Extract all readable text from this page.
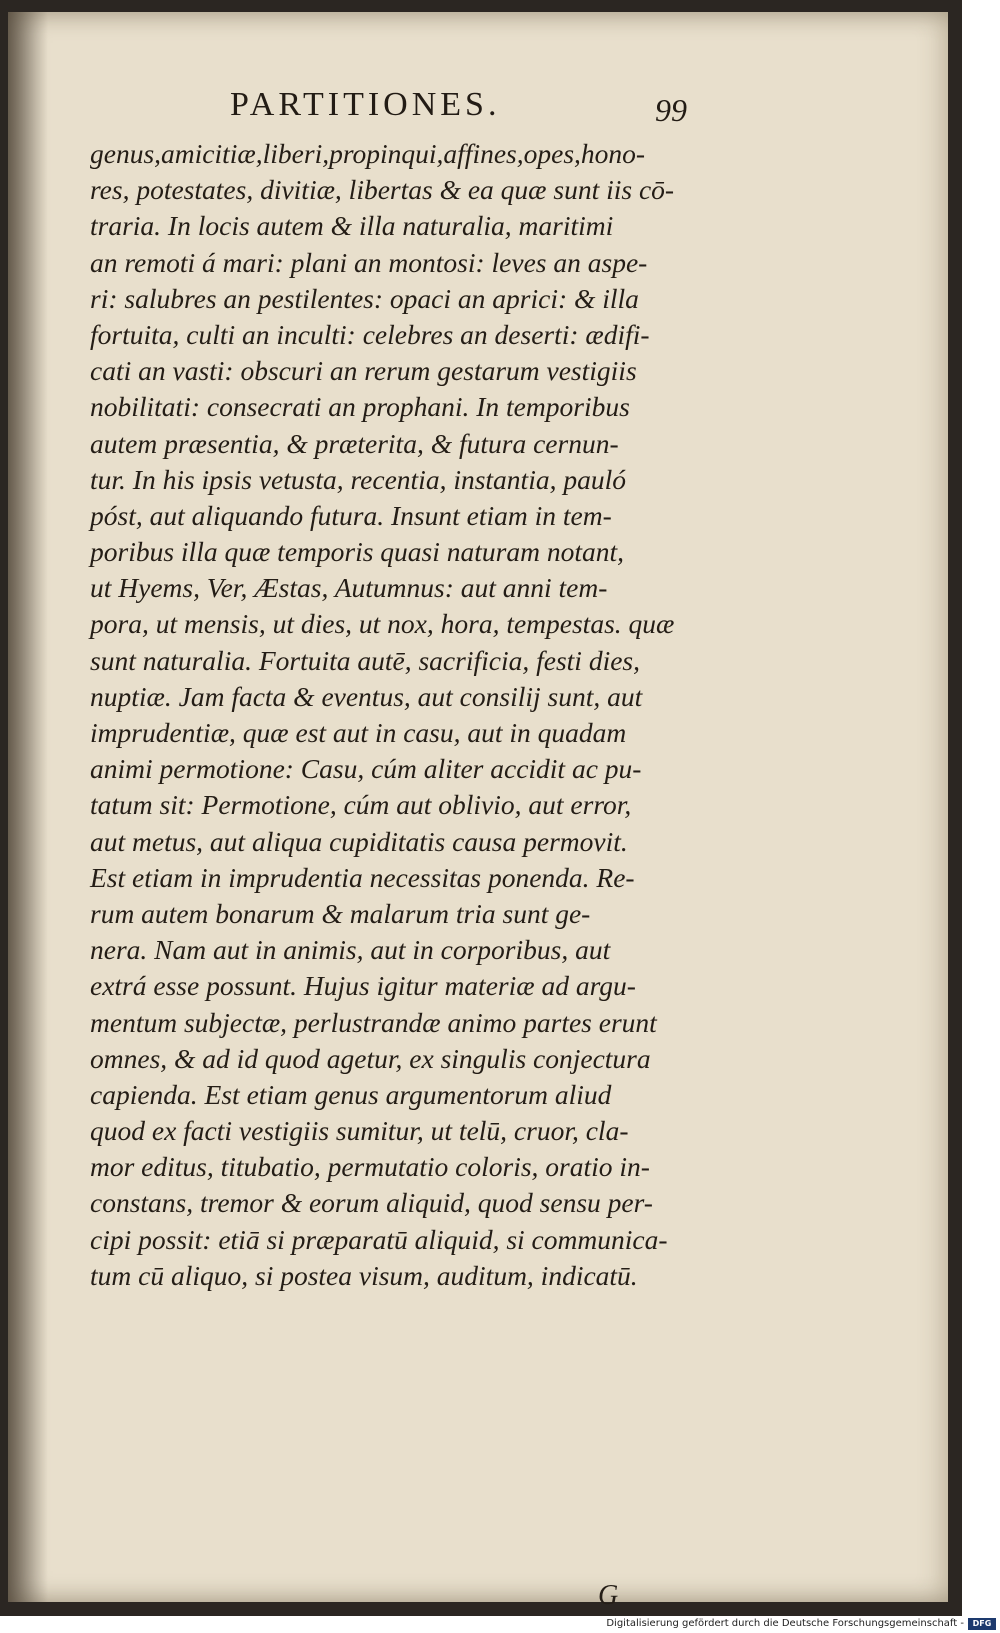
PARTITIONES.	99
genus,amicitiæ,liberi,propinqui,affines,opes,hono-
res, potestates, divitiæ, libertas & ea quæ sunt iis cō-
traria. In locis autem & illa naturalia, maritimi
an remoti á mari: plani an montosi: leves an aspe-
ri: salubres an pestilentes: opaci an aprici: & illa
fortuita, culti an inculti: celebres an deserti: ædifi-
cati an vasti: obscuri an rerum gestarum vestigiis
nobilitati: consecrati an prophani. In temporibus
autem præsentia, & præterita, & futura cernun-
tur. In his ipsis vetusta, recentia, instantia, pauló
póst, aut aliquando futura. Insunt etiam in tem-
poribus illa quæ temporis quasi naturam notant,
ut Hyems, Ver, Æstas, Autumnus: aut anni tem-
pora, ut mensis, ut dies, ut nox, hora, tempestas. quæ
sunt naturalia. Fortuita autē, sacrificia, festi dies,
nuptiæ. Jam facta & eventus, aut consilij sunt, aut
imprudentiæ, quæ est aut in casu, aut in quadam
animi permotione: Casu, cúm aliter accidit ac pu-
tatum sit: Permotione, cúm aut oblivio, aut error,
aut metus, aut aliqua cupiditatis causa permovit.
Est etiam in imprudentia necessitas ponenda. Re-
rum autem bonarum & malarum tria sunt ge-
nera. Nam aut in animis, aut in corporibus, aut
extrá esse possunt. Hujus igitur materiæ ad argu-
mentum subjectæ, perlustrandæ animo partes erunt
omnes, & ad id quod agetur, ex singulis conjectura
capienda. Est etiam genus argumentorum aliud
quod ex facti vestigiis sumitur, ut telū, cruor, cla-
mor editus, titubatio, permutatio coloris, oratio in-
constans, tremor & eorum aliquid, quod sensu per-
cipi possit: etiā si præparatū aliquid, si communica-
tum cū aliquo, si postea visum, auditum, indicatū.
G
Digitalisierung gefördert durch die Deutsche Forschungsgemeinschaft -	DFG
